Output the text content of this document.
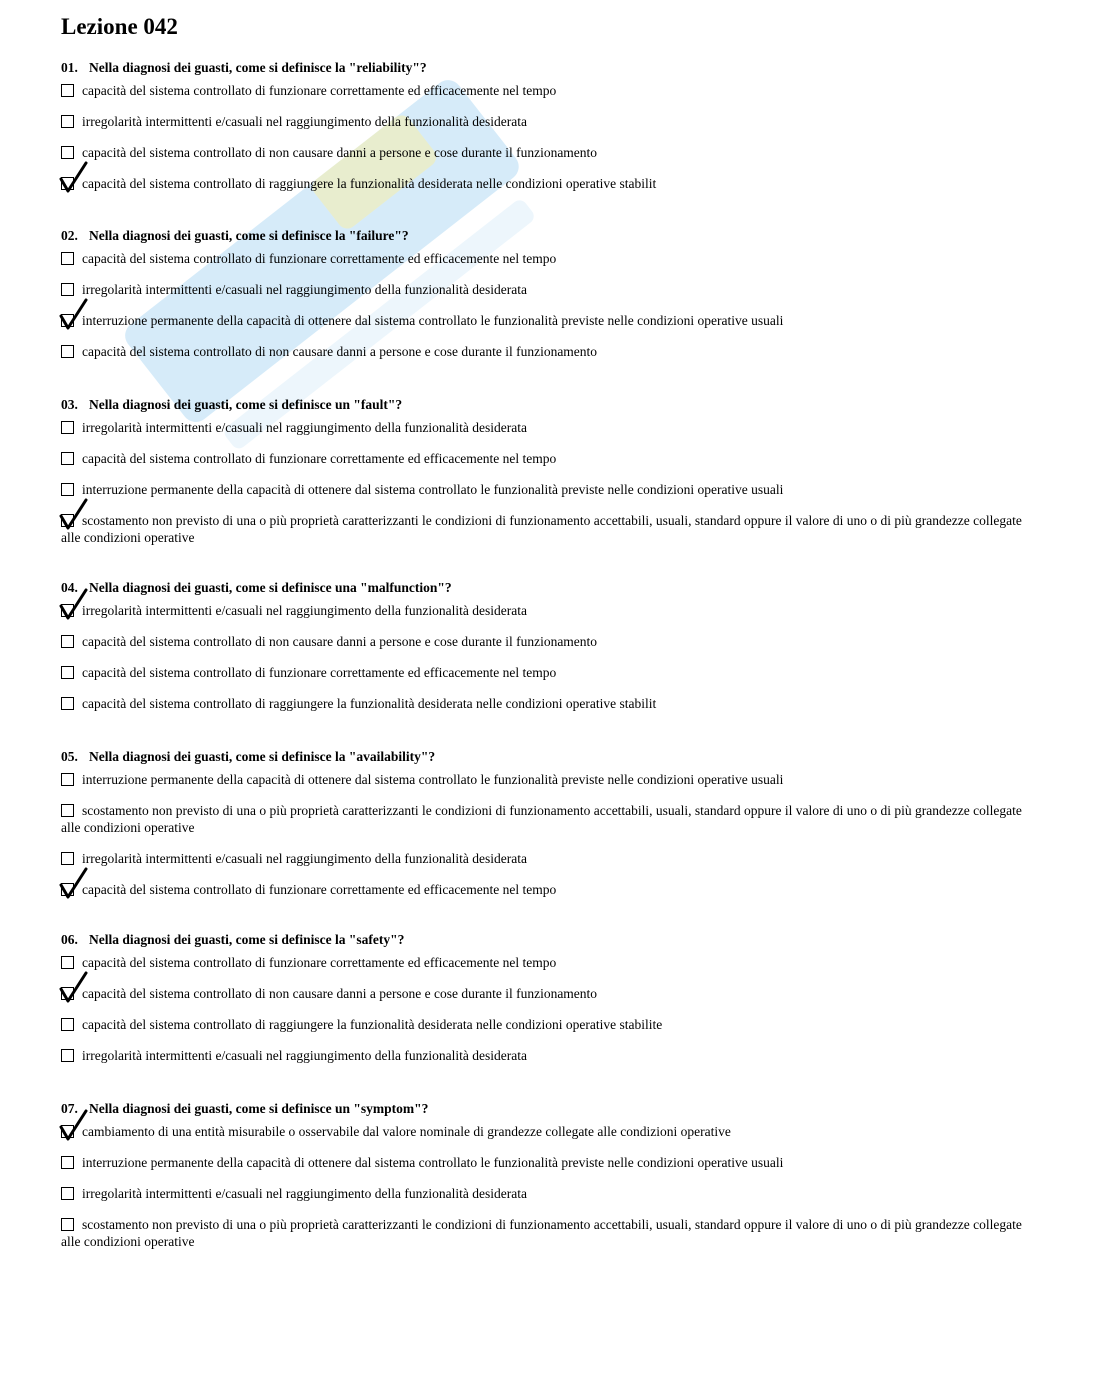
Lezione 042

01. Nella diagnosi dei guasti, come si definisce la "reliability"?

capacità del sistema controllato di funzionare correttamente ed efficacemente nel tempo
irregolarità intermittenti e/casuali nel raggiungimento della funzionalità desiderata
capacità del sistema controllato di non causare danni a persone e cose durante il funzionamento
capacità del sistema controllato di raggiungere la funzionalità desiderata nelle condizioni operative stabilit

02. Nella diagnosi dei guasti, come si definisce la "failure"?

capacità del sistema controllato di funzionare correttamente ed efficacemente nel tempo
irregolarità intermittenti e/casuali nel raggiungimento della funzionalità desiderata
interruzione permanente della capacità di ottenere dal sistema controllato le funzionalità previste nelle condizioni operative usuali
capacità del sistema controllato di non causare danni a persone e cose durante il funzionamento

03. Nella diagnosi dei guasti, come si definisce un "fault"?

irregolarità intermittenti e/casuali nel raggiungimento della funzionalità desiderata
capacità del sistema controllato di funzionare correttamente ed efficacemente nel tempo
interruzione permanente della capacità di ottenere dal sistema controllato le funzionalità previste nelle condizioni operative usuali
scostamento non previsto di una o più proprietà caratterizzanti le condizioni di funzionamento accettabili, usuali, standard oppure il valore di uno o di più grandezze collegate alle condizioni operative

04. Nella diagnosi dei guasti, come si definisce una "malfunction"?

irregolarità intermittenti e/casuali nel raggiungimento della funzionalità desiderata
capacità del sistema controllato di non causare danni a persone e cose durante il funzionamento
capacità del sistema controllato di funzionare correttamente ed efficacemente nel tempo
capacità del sistema controllato di raggiungere la funzionalità desiderata nelle condizioni operative stabilit

05. Nella diagnosi dei guasti, come si definisce la "availability"?

interruzione permanente della capacità di ottenere dal sistema controllato le funzionalità previste nelle condizioni operative usuali
scostamento non previsto di una o più proprietà caratterizzanti le condizioni di funzionamento accettabili, usuali, standard oppure il valore di uno o di più grandezze collegate alle condizioni operative
irregolarità intermittenti e/casuali nel raggiungimento della funzionalità desiderata
capacità del sistema controllato di funzionare correttamente ed efficacemente nel tempo

06. Nella diagnosi dei guasti, come si definisce la "safety"?

capacità del sistema controllato di funzionare correttamente ed efficacemente nel tempo
capacità del sistema controllato di non causare danni a persone e cose durante il funzionamento
capacità del sistema controllato di raggiungere la funzionalità desiderata nelle condizioni operative stabilite
irregolarità intermittenti e/casuali nel raggiungimento della funzionalità desiderata

07. Nella diagnosi dei guasti, come si definisce un "symptom"?

cambiamento di una entità misurabile o osservabile dal valore nominale di grandezze collegate alle condizioni operative
interruzione permanente della capacità di ottenere dal sistema controllato le funzionalità previste nelle condizioni operative usuali
irregolarità intermittenti e/casuali nel raggiungimento della funzionalità desiderata
scostamento non previsto di una o più proprietà caratterizzanti le condizioni di funzionamento accettabili, usuali, standard oppure il valore di uno o di più grandezze collegate alle condizioni operative
